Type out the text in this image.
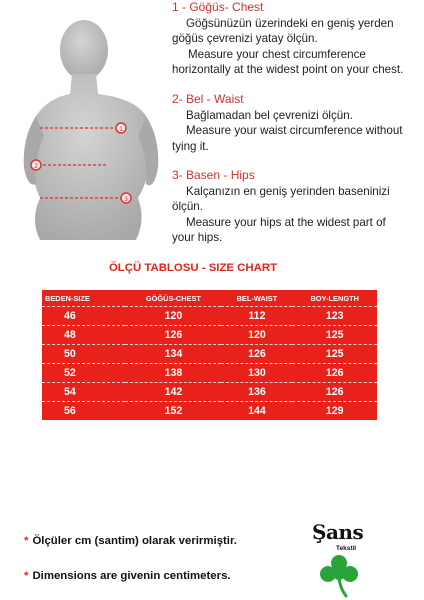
1
2
3
1 - Göğüs- Chest
Göğsünüzün üzerindeki en geniş yerden
göğüs çevrenizi yatay ölçün.
Measure your chest circumference
horizontally at the widest point on your chest.
2- Bel - Waist
Bağlamadan bel çevrenizi ölçün.
Measure your waist circumference without
tying it.
3- Basen - Hips
Kalçanızın en geniş yerinden baseninizi
ölçün.
Measure your hips at the widest part of
your hips.
ÖLÇÜ TABLOSU - SIZE CHART
BEDEN-SIZE	GÖĞÜS-CHEST	BEL-WAIST	BOY-LENGTH
46	120	112	123
48	126	120	125
50	134	126	125
52	138	130	126
54	142	136	126
56	152	144	129
* Ölçüler cm (santim) olarak verirmiştir.
* Dimensions are givenin centimeters.
Şans
Tekstil
